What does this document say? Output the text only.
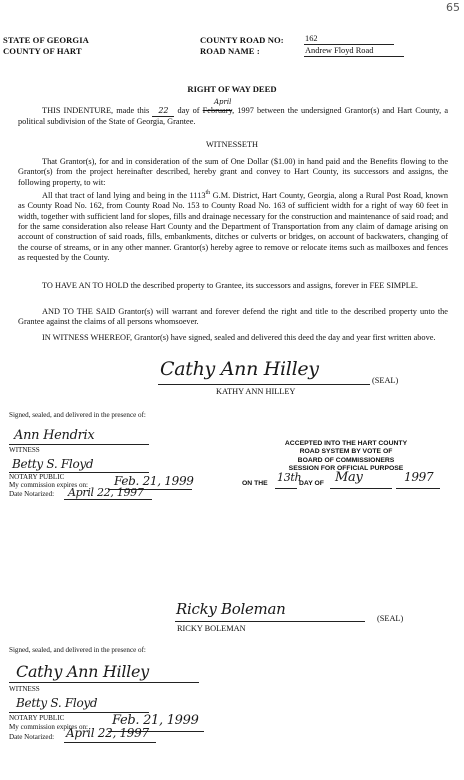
65
STATE OF GEORGIA
COUNTY OF HART
COUNTY ROAD NO:	162
ROAD NAME :	Andrew Floyd Road
RIGHT OF WAY DEED
April
THIS INDENTURE, made this 22 day of February, 1997 between the undersigned Grantor(s) and Hart County, a political subdivision of the State of Georgia, Grantee.
WITNESSETH
That Grantor(s), for and in consideration of the sum of One Dollar ($1.00) in hand paid and the Benefits flowing to the Grantor(s) from the project hereinafter described, hereby grant and convey to Hart County, its successors and assigns, the following property, to wit:
All that tract of land lying and being in the 1113th G.M. District, Hart County, Georgia, along a Rural Post Road, known as County Road No. 162, from County Road No. 153 to County Road No. 163 of sufficient width for a right of way 60 feet in width, together with sufficient land for slopes, fills and drainage necessary for the construction and maintenance of said road; and for the same consideration also release Hart County and the Department of Transportation from any claim of damage arising on account of construction of said roads, fills, embankments, ditches or culverts or bridges, on account of backwaters, changing of the course of streams, or in any other manner. Grantor(s) hereby agree to remove or relocate items such as mailboxes and fences as requested by the County.
TO HAVE AN TO HOLD the described property to Grantee, its successors and assigns, forever in FEE SIMPLE.
AND TO THE SAID Grantor(s) will warrant and forever defend the right and title to the described property unto the Grantee against the claims of all persons whomsoever.
IN WITNESS WHEREOF, Grantor(s) have signed, sealed and delivered this deed the day and year first written above.
Cathy Ann Hilley
(SEAL)
KATHY ANN HILLEY
Signed, sealed, and delivered in the presence of:
Ann Hendrix
WITNESS
Betty S. Floyd
NOTARY PUBLIC
My commission expires on: Feb. 21, 1999
Date Notarized: April 22, 1997
ACCEPTED INTO THE HART COUNTY
ROAD SYSTEM BY VOTE OF
BOARD OF COMMISSIONERS
SESSION FOR OFFICIAL PURPOSE
ON THE 13th
DAY OF May	1997
Ricky Boleman
(SEAL)
RICKY BOLEMAN
Signed, sealed, and delivered in the presence of:
Cathy Ann Hilley
WITNESS
Betty S. Floyd
NOTARY PUBLIC
My commission expires on: Feb. 21, 1999
Date Notarized: April 22, 1997
